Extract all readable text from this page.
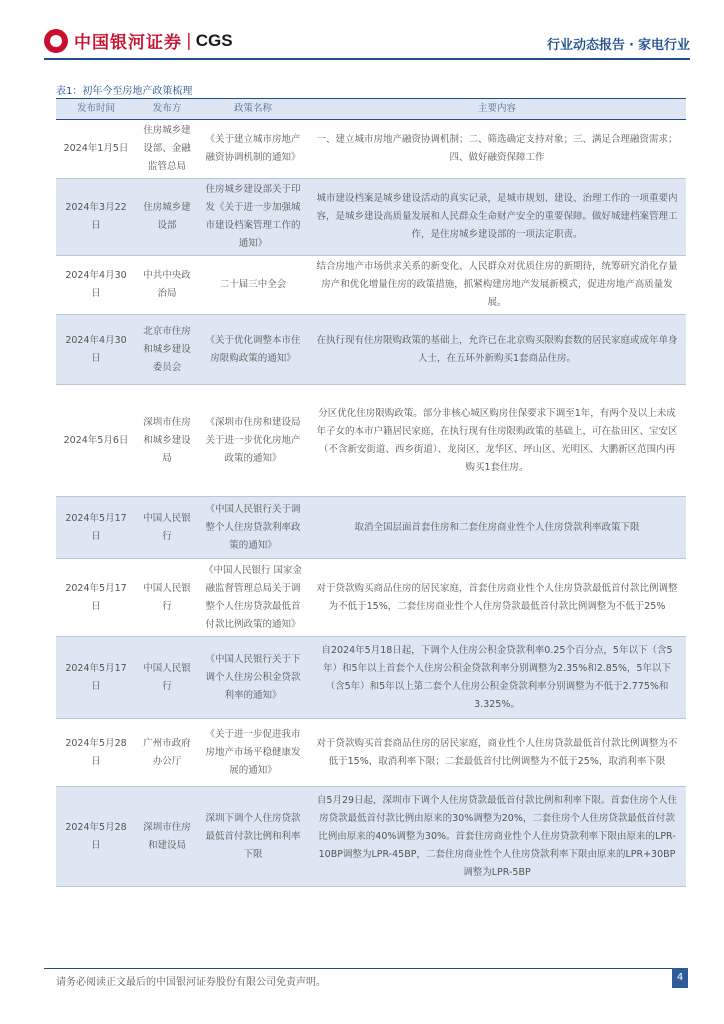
中国银河证券 | CGS	行业动态报告 · 家电行业
表1：初年今至房地产政策梳理
发布时间	发布方	政策名称	主要内容
2024年1月5日	住房城乡建设部、金融监管总局	《关于建立城市房地产融资协调机制的通知》	一、建立城市房地产融资协调机制；二、筛选确定支持对象；三、满足合理融资需求；四、做好融资保障工作
2024年3月22日	住房城乡建设部	住房城乡建设部关于印发《关于进一步加强城市建设档案管理工作的通知》	城市建设档案是城乡建设活动的真实记录，是城市规划、建设、治理工作的一项重要内容，是城乡建设高质量发展和人民群众生命财产安全的重要保障。做好城建档案管理工作，是住房城乡建设部的一项法定职责。
2024年4月30日	中共中央政治局	二十届三中全会	结合房地产市场供求关系的新变化、人民群众对优质住房的新期待，统筹研究消化存量房产和优化增量住房的政策措施，抓紧构建房地产发展新模式，促进房地产高质量发展。
2024年4月30日	北京市住房和城乡建设委员会	《关于优化调整本市住房限购政策的通知》	在执行现有住房限购政策的基础上，允许已在北京购买限购套数的居民家庭或成年单身人士，在五环外新购买1套商品住房。
2024年5月6日	深圳市住房和城乡建设局	《深圳市住房和建设局关于进一步优化房地产政策的通知》	分区优化住房限购政策。部分非核心城区购房住保要求下调至1年，有两个及以上未成年子女的本市户籍居民家庭，在执行现有住房限购政策的基础上，可在盐田区、宝安区（不含新安街道、西乡街道）、龙岗区、龙华区、坪山区、光明区、大鹏新区范围内再购买1套住房。
2024年5月17日	中国人民银行	《中国人民银行关于调整个人住房贷款利率政策的通知》	取消全国层面首套住房和二套住房商业性个人住房贷款利率政策下限
2024年5月17日	中国人民银行	《中国人民银行 国家金融监督管理总局关于调整个人住房贷款最低首付款比例政策的通知》	对于贷款购买商品住房的居民家庭，首套住房商业性个人住房贷款最低首付款比例调整为不低于15%，二套住房商业性个人住房贷款最低首付款比例调整为不低于25%
2024年5月17日	中国人民银行	《中国人民银行关于下调个人住房公积金贷款利率的通知》	自2024年5月18日起，下调个人住房公积金贷款利率0.25个百分点，5年以下（含5年）和5年以上首套个人住房公积金贷款利率分别调整为2.35%和2.85%，5年以下（含5年）和5年以上第二套个人住房公积金贷款利率分别调整为不低于2.775%和3.325%。
2024年5月28日	广州市政府办公厅	《关于进一步促进我市房地产市场平稳健康发展的通知》	对于贷款购买首套商品住房的居民家庭，商业性个人住房贷款最低首付款比例调整为不低于15%，取消利率下限；二套最低首付比例调整为不低于25%，取消利率下限
2024年5月28日	深圳市住房和建设局	深圳下调个人住房贷款最低首付款比例和利率下限	自5月29日起，深圳市下调个人住房贷款最低首付款比例和利率下限。首套住房个人住房贷款最低首付款比例由原来的30%调整为20%，二套住房个人住房贷款最低首付款比例由原来的40%调整为30%。首套住房商业性个人住房贷款利率下限由原来的LPR-10BP调整为LPR-45BP，二套住房商业性个人住房贷款利率下限由原来的LPR+30BP调整为LPR-5BP
请务必阅读正文最后的中国银河证券股份有限公司免责声明。	4
